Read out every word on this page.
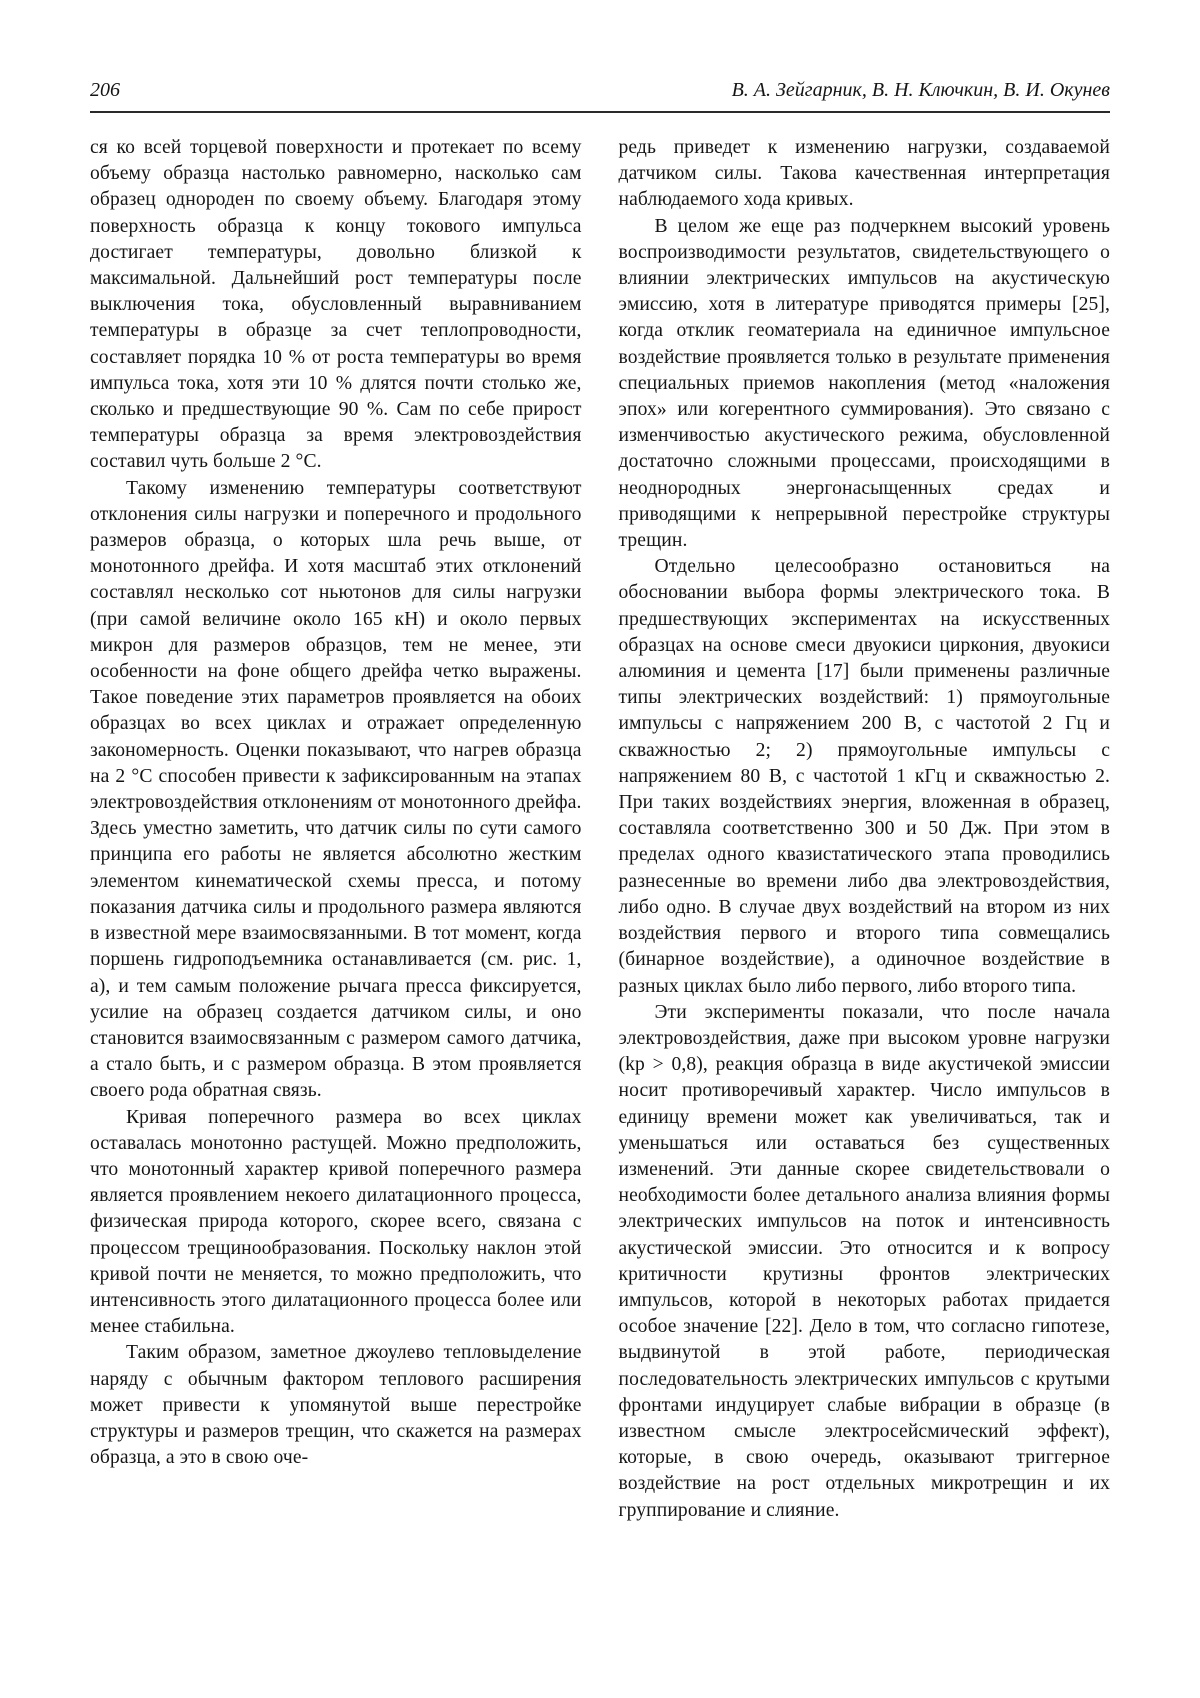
206	В. А. Зейгарник, В. Н. Ключкин, В. И. Окунев

ся ко всей торцевой поверхности и протекает по всему объему образца настолько равномерно, насколько сам образец однороден по своему объему. Благодаря этому поверхность образца к концу токового импульса достигает температуры, довольно близкой к максимальной. Дальнейший рост температуры после выключения тока, обусловленный выравниванием температуры в образце за счет теплопроводности, составляет порядка 10 % от роста температуры во время импульса тока, хотя эти 10 % длятся почти столько же, сколько и предшествующие 90 %. Сам по себе прирост температуры образца за время электровоздействия составил чуть больше 2 °С.

Такому изменению температуры соответствуют отклонения силы нагрузки и поперечного и продольного размеров образца, о которых шла речь выше, от монотонного дрейфа. И хотя масштаб этих отклонений составлял несколько сот ньютонов для силы нагрузки (при самой величине около 165 кН) и около первых микрон для размеров образцов, тем не менее, эти особенности на фоне общего дрейфа четко выражены. Такое поведение этих параметров проявляется на обоих образцах во всех циклах и отражает определенную закономерность. Оценки показывают, что нагрев образца на 2 °С способен привести к зафиксированным на этапах электровоздействия отклонениям от монотонного дрейфа. Здесь уместно заметить, что датчик силы по сути самого принципа его работы не является абсолютно жестким элементом кинематической схемы пресса, и потому показания датчика силы и продольного размера являются в известной мере взаимосвязанными. В тот момент, когда поршень гидроподъемника останавливается (см. рис. 1, а), и тем самым положение рычага пресса фиксируется, усилие на образец создается датчиком силы, и оно становится взаимосвязанным с размером самого датчика, а стало быть, и с размером образца. В этом проявляется своего рода обратная связь.

Кривая поперечного размера во всех циклах оставалась монотонно растущей. Можно предположить, что монотонный характер кривой поперечного размера является проявлением некоего дилатационного процесса, физическая природа которого, скорее всего, связана с процессом трещинообразования. Поскольку наклон этой кривой почти не меняется, то можно предположить, что интенсивность этого дилатационного процесса более или менее стабильна.

Таким образом, заметное джоулево тепловыделение наряду с обычным фактором теплового расширения может привести к упомянутой выше перестройке структуры и размеров трещин, что скажется на размерах образца, а это в свою оче-

редь приведет к изменению нагрузки, создаваемой датчиком силы. Такова качественная интерпретация наблюдаемого хода кривых.

В целом же еще раз подчеркнем высокий уровень воспроизводимости результатов, свидетельствующего о влиянии электрических импульсов на акустическую эмиссию, хотя в литературе приводятся примеры [25], когда отклик геоматериала на единичное импульсное воздействие проявляется только в результате применения специальных приемов накопления (метод «наложения эпох» или когерентного суммирования). Это связано с изменчивостью акустического режима, обусловленной достаточно сложными процессами, происходящими в неоднородных энергонасыщенных средах и приводящими к непрерывной перестройке структуры трещин.

Отдельно целесообразно остановиться на обосновании выбора формы электрического тока. В предшествующих экспериментах на искусственных образцах на основе смеси двуокиси циркония, двуокиси алюминия и цемента [17] были применены различные типы электрических воздействий: 1) прямоугольные импульсы с напряжением 200 В, с частотой 2 Гц и скважностью 2; 2) прямоугольные импульсы с напряжением 80 В, с частотой 1 кГц и скважностью 2. При таких воздействиях энергия, вложенная в образец, составляла соответственно 300 и 50 Дж. При этом в пределах одного квазистатического этапа проводились разнесенные во времени либо два электровоздействия, либо одно. В случае двух воздействий на втором из них воздействия первого и второго типа совмещались (бинарное воздействие), а одиночное воздействие в разных циклах было либо первого, либо второго типа.

Эти эксперименты показали, что после начала электровоздействия, даже при высоком уровне нагрузки (kр > 0,8), реакция образца в виде акустичекой эмиссии носит противоречивый характер. Число импульсов в единицу времени может как увеличиваться, так и уменьшаться или оставаться без существенных изменений. Эти данные скорее свидетельствовали о необходимости более детального анализа влияния формы электрических импульсов на поток и интенсивность акустической эмиссии. Это относится и к вопросу критичности крутизны фронтов электрических импульсов, которой в некоторых работах придается особое значение [22]. Дело в том, что согласно гипотезе, выдвинутой в этой работе, периодическая последовательность электрических импульсов с крутыми фронтами индуцирует слабые вибрации в образце (в известном смысле электросейсмический эффект), которые, в свою очередь, оказывают триггерное воздействие на рост отдельных микротрещин и их группирование и слияние.
